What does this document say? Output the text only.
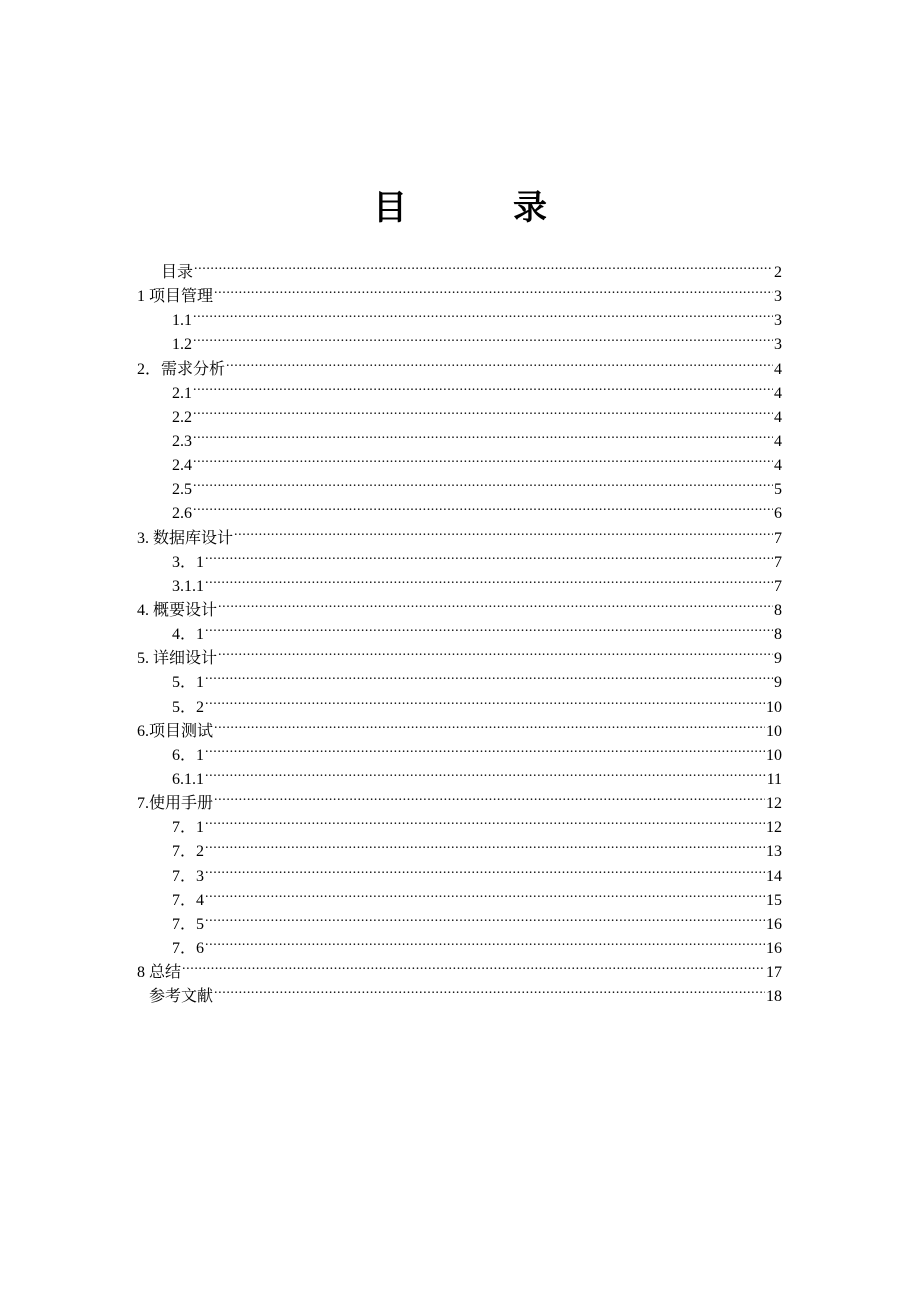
目　录
目录 .....	2
1 项目管理 .....	3
1.1 .....	3
1.2 .....	3
2．需求分析 .....	4
2.1 .....	4
2.2 .....	4
2.3 .....	4
2.4 .....	4
2.5 .....	5
2.6 .....	6
3. 数据库设计 .....	7
3．1 .....	7
3.1.1 .....	7
4. 概要设计 .....	8
4．1 .....	8
5. 详细设计 .....	9
5．1 .....	9
5．2 .....	10
6.项目测试 .....	10
6．1 .....	10
6.1.1 .....	11
7.使用手册 .....	12
7．1 .....	12
7．2 .....	13
7．3 .....	14
7．4 .....	15
7．5 .....	16
7．6 .....	16
8 总结 .....	17
参考文献 .....	18
